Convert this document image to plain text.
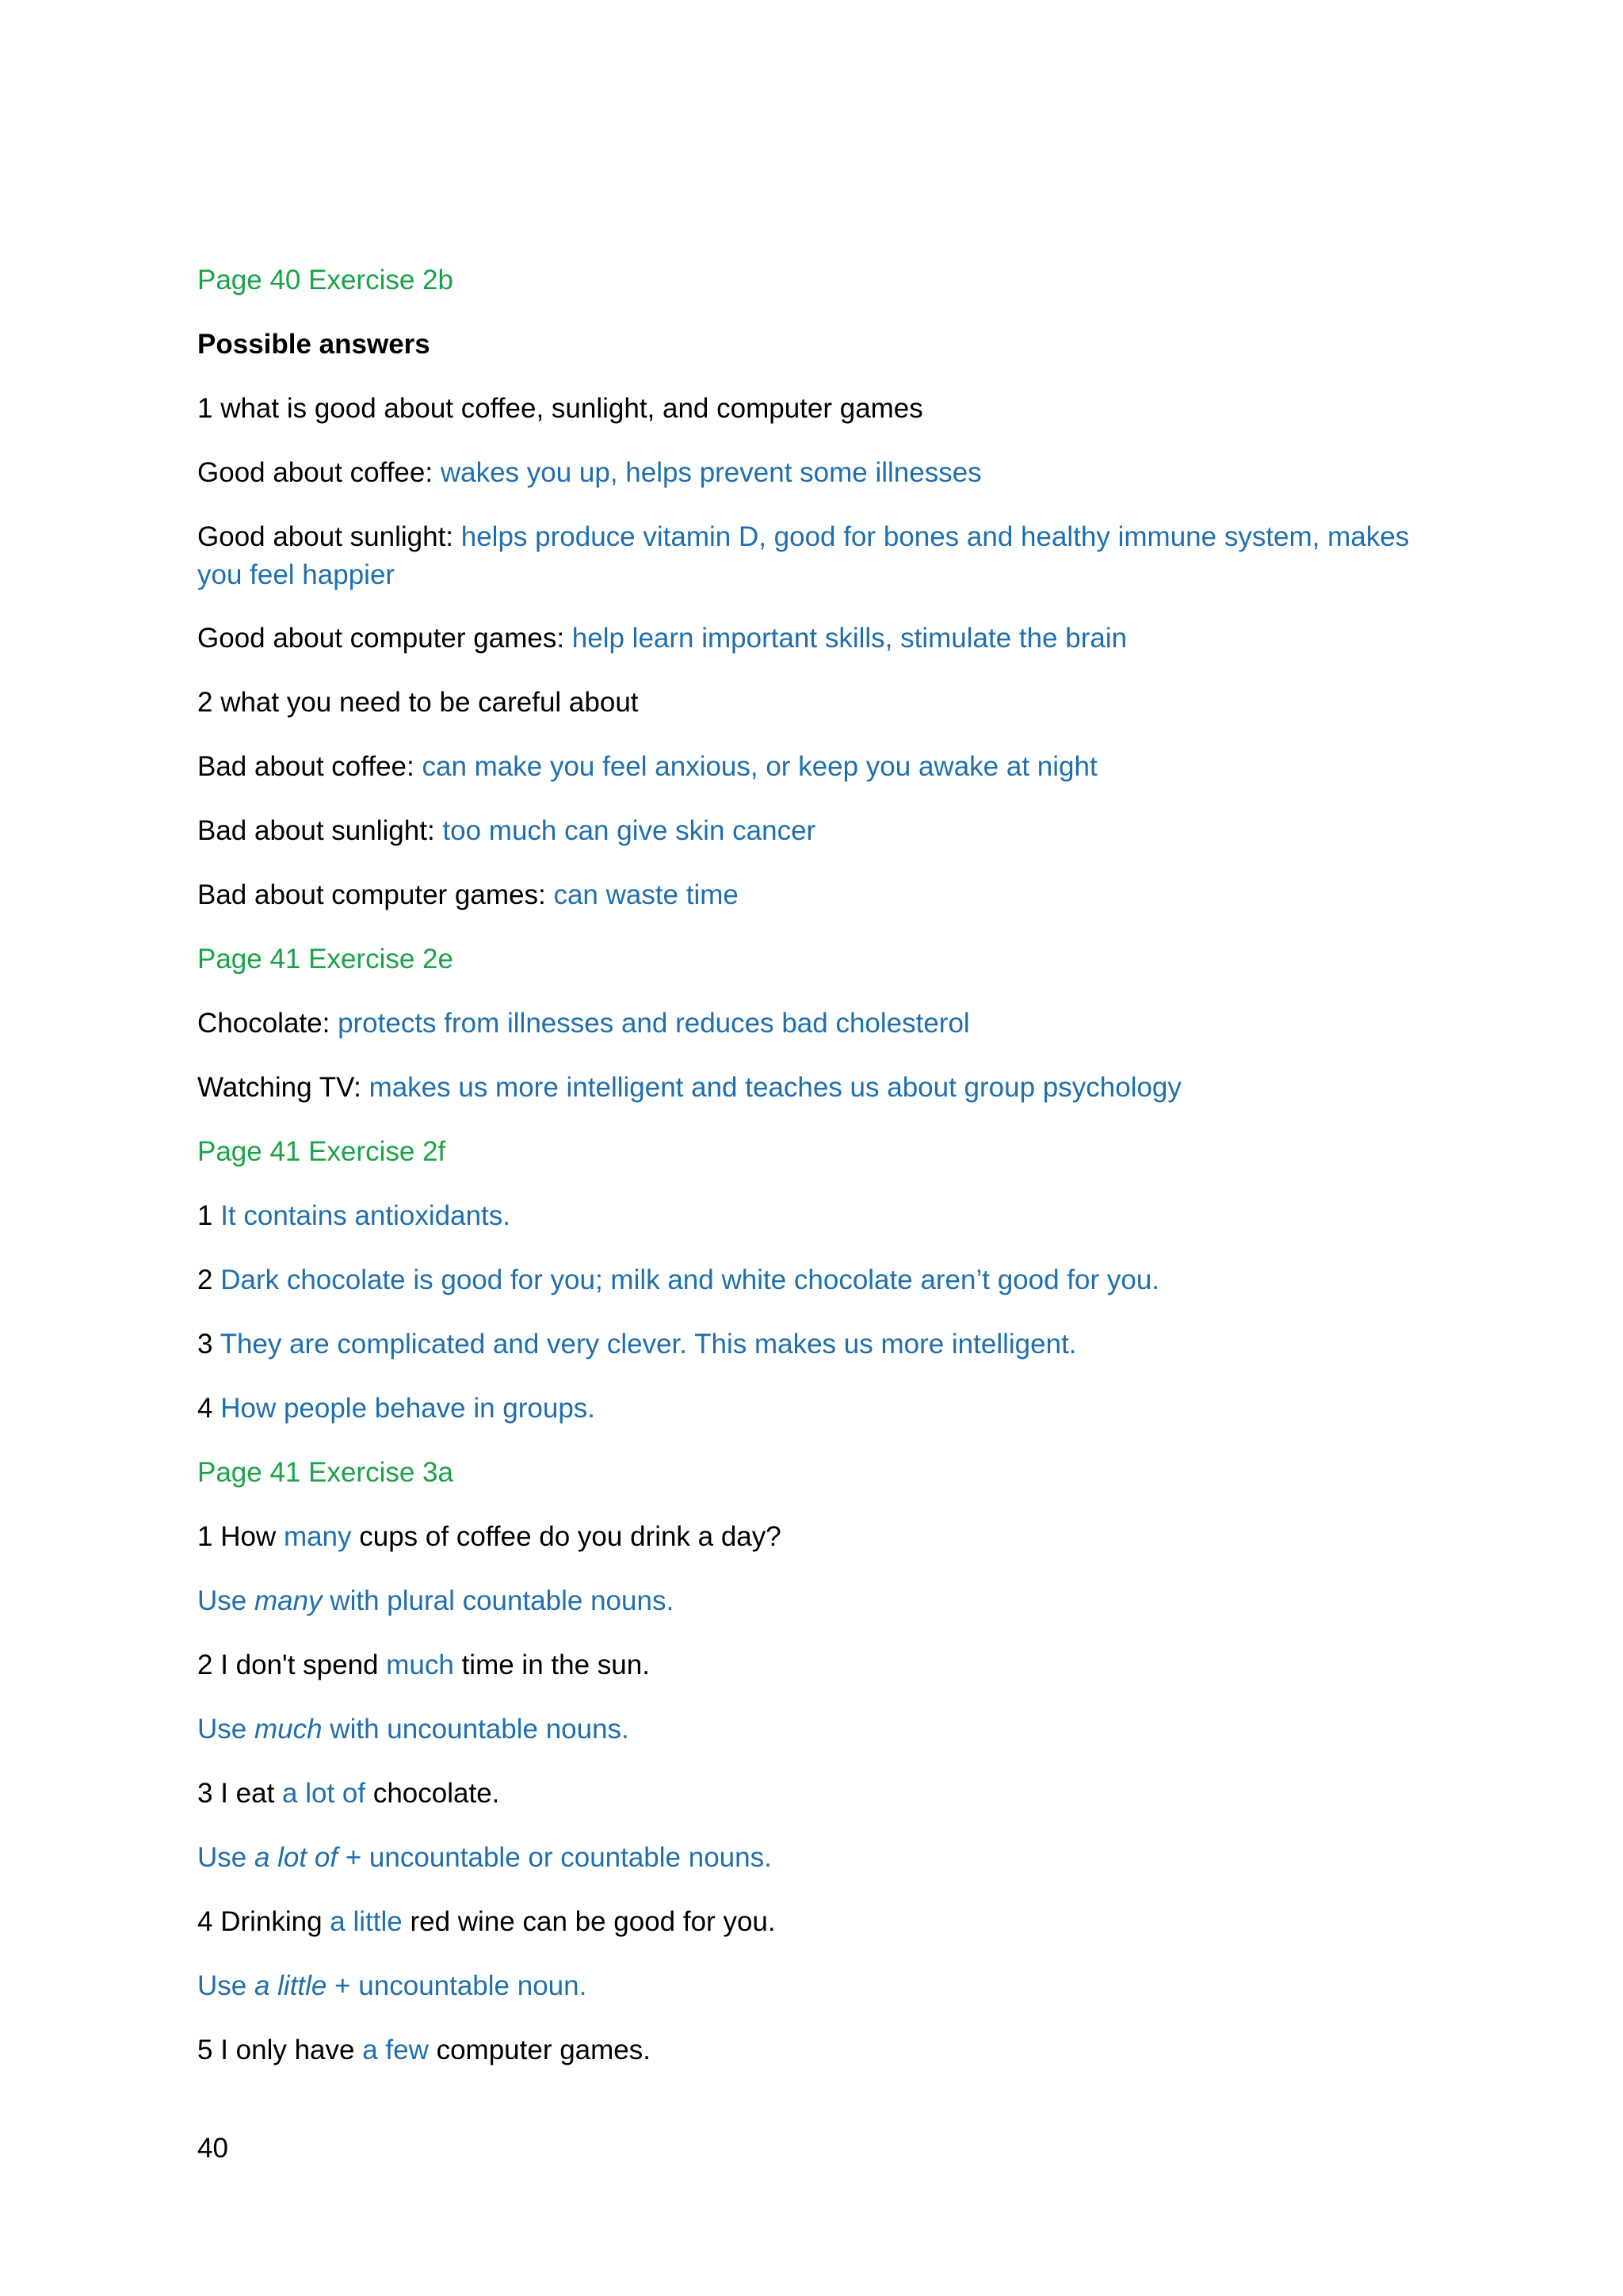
Page 40 Exercise 2b
Possible answers
1 what is good about coffee, sunlight, and computer games
Good about coffee: wakes you up, helps prevent some illnesses
Good about sunlight: helps produce vitamin D, good for bones and healthy immune system, makes you feel happier
Good about computer games: help learn important skills, stimulate the brain
2 what you need to be careful about
Bad about coffee: can make you feel anxious, or keep you awake at night
Bad about sunlight: too much can give skin cancer
Bad about computer games: can waste time
Page 41 Exercise 2e
Chocolate: protects from illnesses and reduces bad cholesterol
Watching TV: makes us more intelligent and teaches us about group psychology
Page 41 Exercise 2f
1 It contains antioxidants.
2 Dark chocolate is good for you; milk and white chocolate aren’t good for you.
3 They are complicated and very clever. This makes us more intelligent.
4 How people behave in groups.
Page 41 Exercise 3a
1 How many cups of coffee do you drink a day?
Use many with plural countable nouns.
2 I don't spend much time in the sun.
Use much with uncountable nouns.
3 I eat a lot of chocolate.
Use a lot of + uncountable or countable nouns.
4 Drinking a little red wine can be good for you.
Use a little + uncountable noun.
5 I only have a few computer games.
40
